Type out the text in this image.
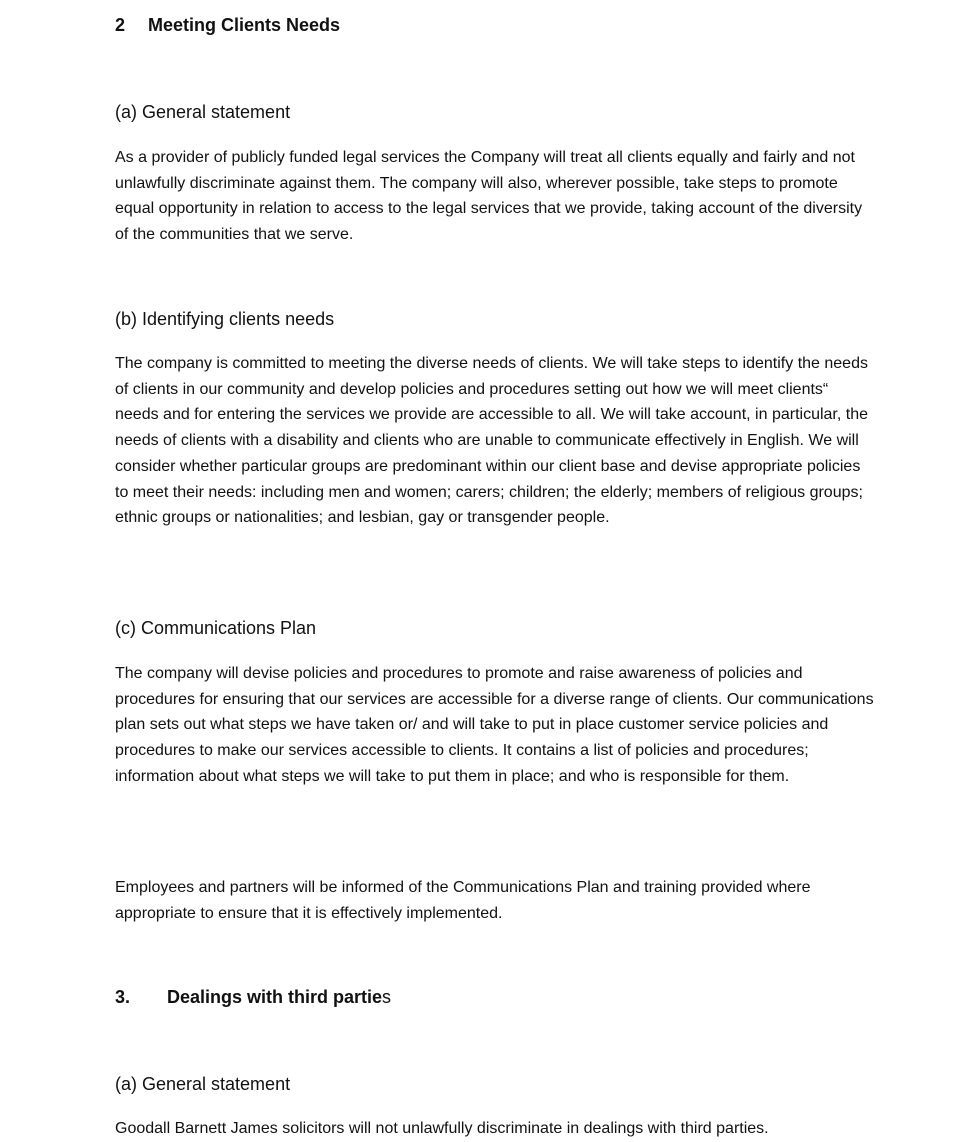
2 Meeting Clients Needs
(a) General statement

As a provider of publicly funded legal services the Company will treat all clients equally and fairly and not unlawfully discriminate against them. The company will also, wherever possible, take steps to promote equal opportunity in relation to access to the legal services that we provide, taking account of the diversity of the communities that we serve.

(b) Identifying clients needs

The company is committed to meeting the diverse needs of clients. We will take steps to identify the needs of clients in our community and develop policies and procedures setting out how we will meet clients“ needs and for entering the services we provide are accessible to all. We will take account, in particular, the needs of clients with a disability and clients who are unable to communicate effectively in English. We will consider whether particular groups are predominant within our client base and devise appropriate policies to meet their needs: including men and women; carers; children; the elderly; members of religious groups; ethnic groups or nationalities; and lesbian, gay or transgender people.

(c) Communications Plan

The company will devise policies and procedures to promote and raise awareness of policies and procedures for ensuring that our services are accessible for a diverse range of clients. Our communications plan sets out what steps we have taken or/ and will take to put in place customer service policies and procedures to make our services accessible to clients. It contains a list of policies and procedures; information about what steps we will take to put them in place; and who is responsible for them.

Employees and partners will be informed of the Communications Plan and training provided where appropriate to ensure that it is effectively implemented.

3. Dealings with third parties
(a) General statement

Goodall Barnett James solicitors will not unlawfully discriminate in dealings with third parties.
